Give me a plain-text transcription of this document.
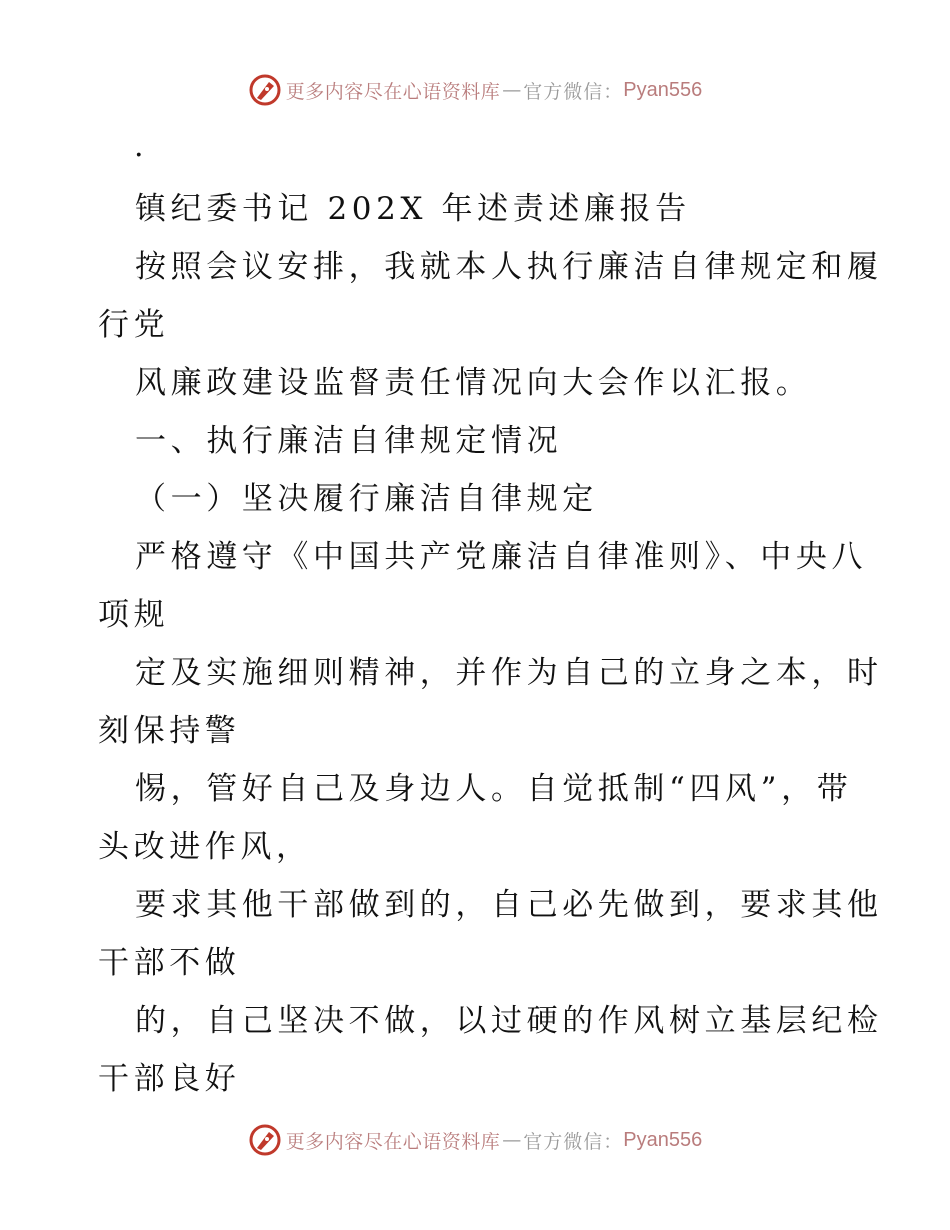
更多内容尽在心语资料库 — 官方微信： Pyan556
.
镇纪委书记 202X 年述责述廉报告
按照会议安排，我就本人执行廉洁自律规定和履
行党
风廉政建设监督责任情况向大会作以汇报。
一、执行廉洁自律规定情况
（一）坚决履行廉洁自律规定
严格遵守《中国共产党廉洁自律准则》、中央八
项规
定及实施细则精神，并作为自己的立身之本，时
刻保持警
惕，管好自己及身边人。自觉抵制“四风”，带
头改进作风，
要求其他干部做到的，自己必先做到，要求其他
干部不做
的，自己坚决不做，以过硬的作风树立基层纪检
干部良好
更多内容尽在心语资料库 — 官方微信： Pyan556
